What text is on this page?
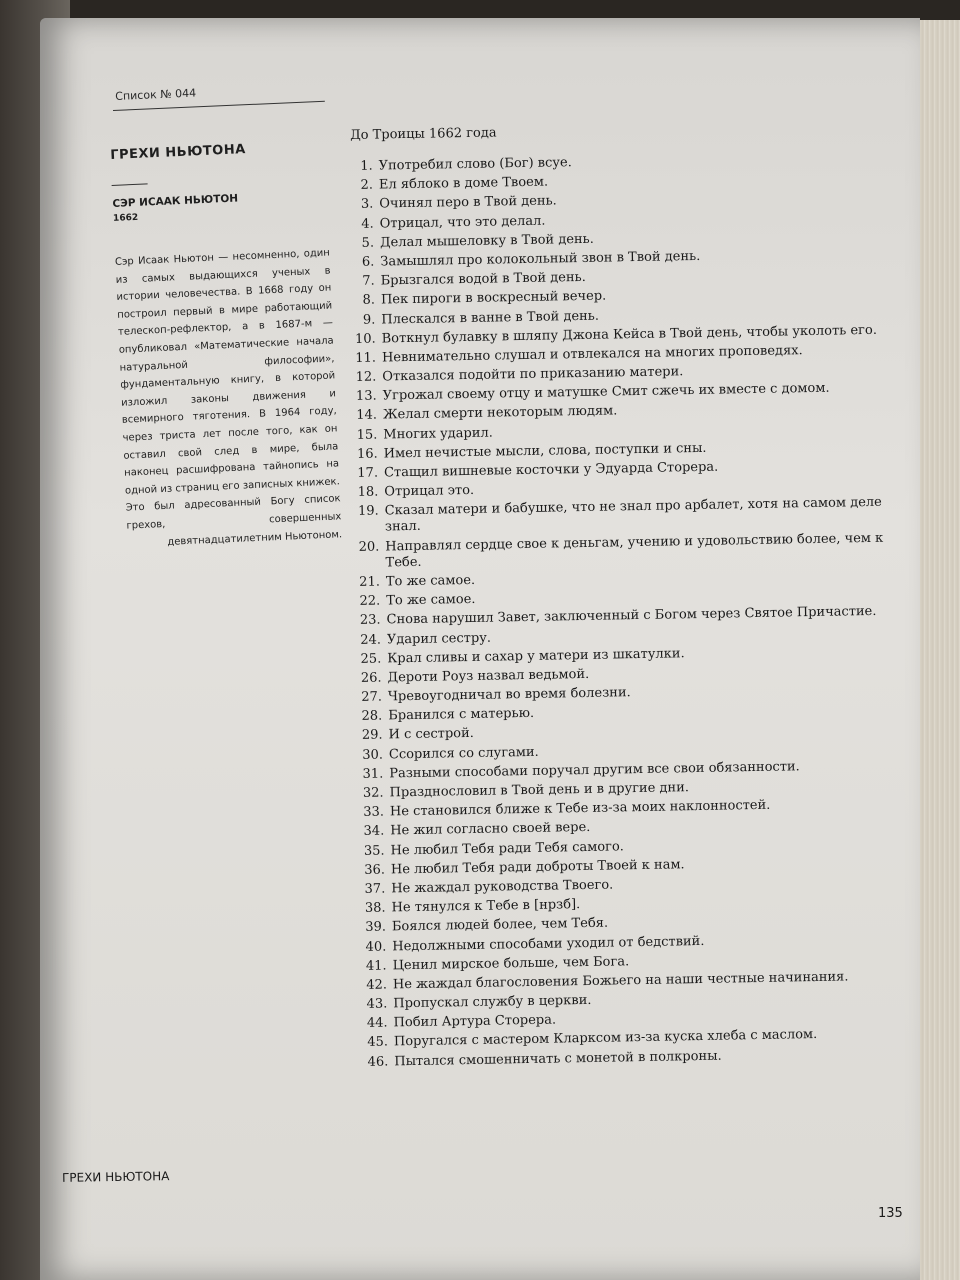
Список № 044
ГРЕХИ НЬЮТОНА

СЭР ИСААК НЬЮТОН

1662

Сэр Исаак Ньютон — несомненно, один из самых выдающихся ученых в истории человечества. В 1668 году он построил первый в мире работающий телескоп-рефлектор, а в 1687-м — опубликовал «Математические начала натуральной философии», фундаментальную книгу, в которой изложил законы движения и всемирного тяготения. В 1964 году, через триста лет после того, как он оставил свой след в мире, была наконец расшифрована тайнопись на одной из страниц его записных книжек. Это был адресованный Богу список грехов, совершенных девятнадцатилетним Ньютоном.

До Троицы 1662 года

1. Употребил слово (Бог) всуе.
2. Ел яблоко в доме Твоем.
3. Очинял перо в Твой день.
4. Отрицал, что это делал.
5. Делал мышеловку в Твой день.
6. Замышлял про колокольный звон в Твой день.
7. Брызгался водой в Твой день.
8. Пек пироги в воскресный вечер.
9. Плескался в ванне в Твой день.
10. Воткнул булавку в шляпу Джона Кейса в Твой день, чтобы уколоть его.
11. Невнимательно слушал и отвлекался на многих проповедях.
12. Отказался подойти по приказанию матери.
13. Угрожал своему отцу и матушке Смит сжечь их вместе с домом.
14. Желал смерти некоторым людям.
15. Многих ударил.
16. Имел нечистые мысли, слова, поступки и сны.
17. Стащил вишневые косточки у Эдуарда Сторера.
18. Отрицал это.
19. Сказал матери и бабушке, что не знал про арбалет, хотя на самом деле знал.
20. Направлял сердце свое к деньгам, учению и удовольствию более, чем к Тебе.
21. То же самое.
22. То же самое.
23. Снова нарушил Завет, заключенный с Богом через Святое Причастие.
24. Ударил сестру.
25. Крал сливы и сахар у матери из шкатулки.
26. Дероти Роуз назвал ведьмой.
27. Чревоугодничал во время болезни.
28. Бранился с матерью.
29. И с сестрой.
30. Ссорился со слугами.
31. Разными способами поручал другим все свои обязанности.
32. Празднословил в Твой день и в другие дни.
33. Не становился ближе к Тебе из-за моих наклонностей.
34. Не жил согласно своей вере.
35. Не любил Тебя ради Тебя самого.
36. Не любил Тебя ради доброты Твоей к нам.
37. Не жаждал руководства Твоего.
38. Не тянулся к Тебе в [нрзб].
39. Боялся людей более, чем Тебя.
40. Недолжными способами уходил от бедствий.
41. Ценил мирское больше, чем Бога.
42. Не жаждал благословения Божьего на наши честные начинания.
43. Пропускал службу в церкви.
44. Побил Артура Сторера.
45. Поругался с мастером Кларксом из-за куска хлеба с маслом.
46. Пытался смошенничать с монетой в полкроны.
ГРЕХИ НЬЮТОНА
135
